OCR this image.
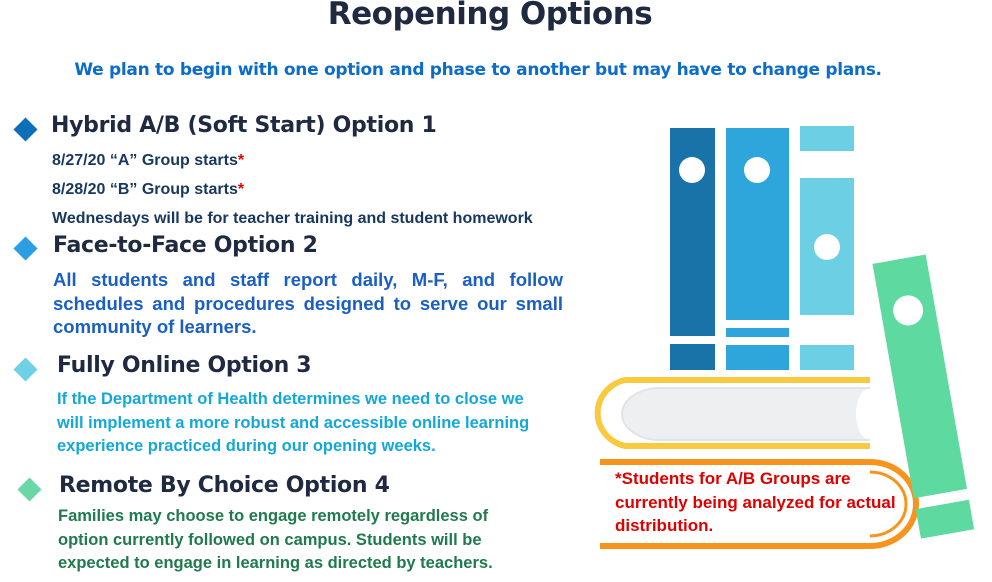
Reopening Options
We plan to begin with one option and phase to another but may have to change plans.
Hybrid A/B (Soft Start) Option 1
8/27/20 “A” Group starts*
8/28/20 “B” Group starts*
Wednesdays will be for teacher training and student homework
Face-to-Face Option 2
All students and staff report daily, M-F, and follow schedules and procedures designed to serve our small community of learners.
Fully Online Option 3
If the Department of Health determines we need to close we will implement a more robust and accessible online learning experience practiced during our opening weeks.
Remote By Choice Option 4
Families may choose to engage remotely regardless of option currently followed on campus. Students will be expected to engage in learning as directed by teachers.
*Students for A/B Groups are currently being analyzed for actual distribution.
